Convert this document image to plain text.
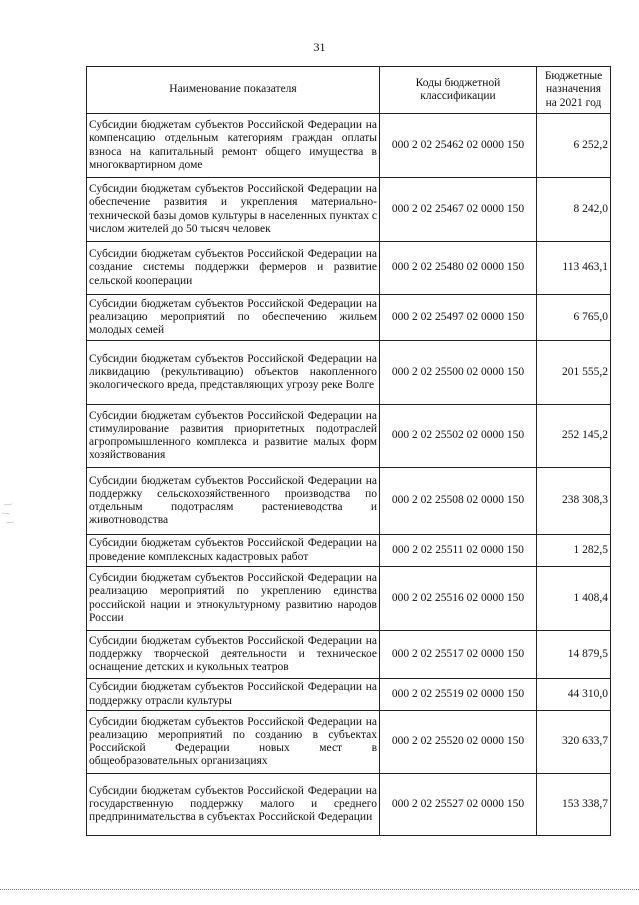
31
Наименование показателя	Коды бюджетной классификации	Бюджетные назначения на 2021 год
Субсидии бюджетам субъектов Российской Федерации на компенсацию отдельным категориям граждан оплаты взноса на капитальный ремонт общего имущества в многоквартирном доме	000 2 02 25462 02 0000 150	6 252,2
Субсидии бюджетам субъектов Российской Федерации на обеспечение развития и укрепления материально-технической базы домов культуры в населенных пунктах с числом жителей до 50 тысяч человек	000 2 02 25467 02 0000 150	8 242,0
Субсидии бюджетам субъектов Российской Федерации на создание системы поддержки фермеров и развитие сельской кооперации	000 2 02 25480 02 0000 150	113 463,1
Субсидии бюджетам субъектов Российской Федерации на реализацию мероприятий по обеспечению жильем молодых семей	000 2 02 25497 02 0000 150	6 765,0
Субсидии бюджетам субъектов Российской Федерации на ликвидацию (рекультивацию) объектов накопленного экологического вреда, представляющих угрозу реке Волге	000 2 02 25500 02 0000 150	201 555,2
Субсидии бюджетам субъектов Российской Федерации на стимулирование развития приоритетных подотраслей агропромышленного комплекса и развитие малых форм хозяйствования	000 2 02 25502 02 0000 150	252 145,2
Субсидии бюджетам субъектов Российской Федерации на поддержку сельскохозяйственного производства по отдельным подотраслям растениеводства и животноводства	000 2 02 25508 02 0000 150	238 308,3
Субсидии бюджетам субъектов Российской Федерации на проведение комплексных кадастровых работ	000 2 02 25511 02 0000 150	1 282,5
Субсидии бюджетам субъектов Российской Федерации на реализацию мероприятий по укреплению единства российской нации и этнокультурному развитию народов России	000 2 02 25516 02 0000 150	1 408,4
Субсидии бюджетам субъектов Российской Федерации на поддержку творческой деятельности и техническое оснащение детских и кукольных театров	000 2 02 25517 02 0000 150	14 879,5
Субсидии бюджетам субъектов Российской Федерации на поддержку отрасли культуры	000 2 02 25519 02 0000 150	44 310,0
Субсидии бюджетам субъектов Российской Федерации на реализацию мероприятий по созданию в субъектах Российской Федерации новых мест в общеобразовательных организациях	000 2 02 25520 02 0000 150	320 633,7
Субсидии бюджетам субъектов Российской Федерации на государственную поддержку малого и среднего предпринимательства в субъектах Российской Федерации	000 2 02 25527 02 0000 150	153 338,7
